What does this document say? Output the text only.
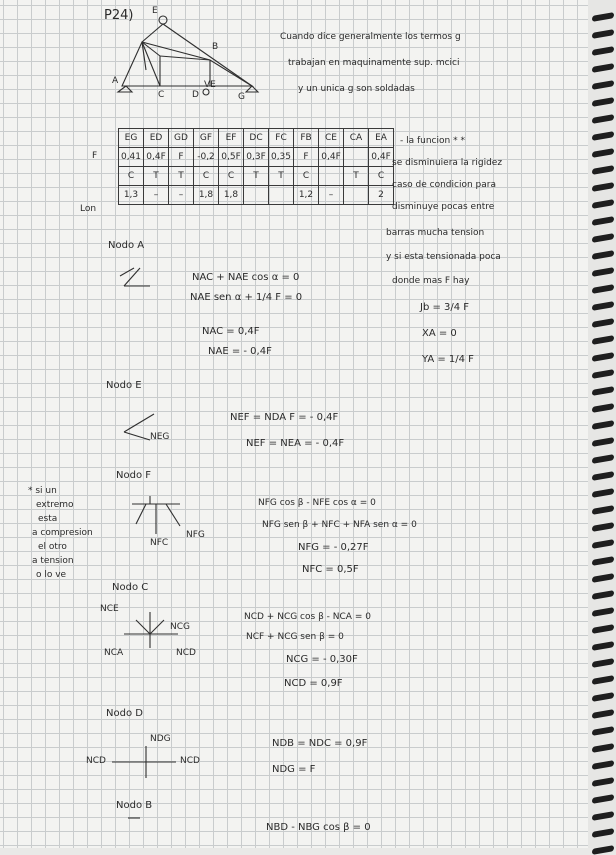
P24)
Cuando dice generalmente los termos g
trabajan en maquinamente sup. mcici
y un unica g son soldadas
E
B
A
C	D
VE
G
EG	ED	GD	GF	EF	DC	FC	FB	CE	CA	EA
0,41	0,4F	F	-0,2	0,5F	0,3F	0,35	F	0,4F		0,4F
C	T	T	C	C	T	T	C		T	C
1,3	–	–	1,8	1,8			1,2	–		2
F
Lon
- la funcion * *
se disminuiera la rigidez
caso de condicion para
disminuye pocas entre
barras mucha tension
y si esta tensionada poca
donde mas F hay
Jb = 3/4 F
XA = 0
YA = 1/4 F
Nodo A
NAC + NAE cos α = 0
NAE sen α + 1/4 F = 0
NAC = 0,4F
NAE = - 0,4F
Nodo E
NEG
NEF = NDA F = - 0,4F
NEF = NEA = - 0,4F
Nodo F
NFC
NFG
NFG cos β - NFE cos α = 0
NFG sen β + NFC + NFA sen α = 0
NFG = - 0,27F
NFC = 0,5F
* si un
extremo
esta
a compresion
el otro
a tension
o lo ve
Nodo C
NCE
NCG
NCA	NCD
NCD + NCG cos β - NCA = 0
NCF + NCG sen β = 0
NCG = - 0,30F
NCD = 0,9F
Nodo D
NDG
NCD	NCD
NDB = NDC = 0,9F
NDG = F
Nodo B
NBD - NBG cos β = 0
